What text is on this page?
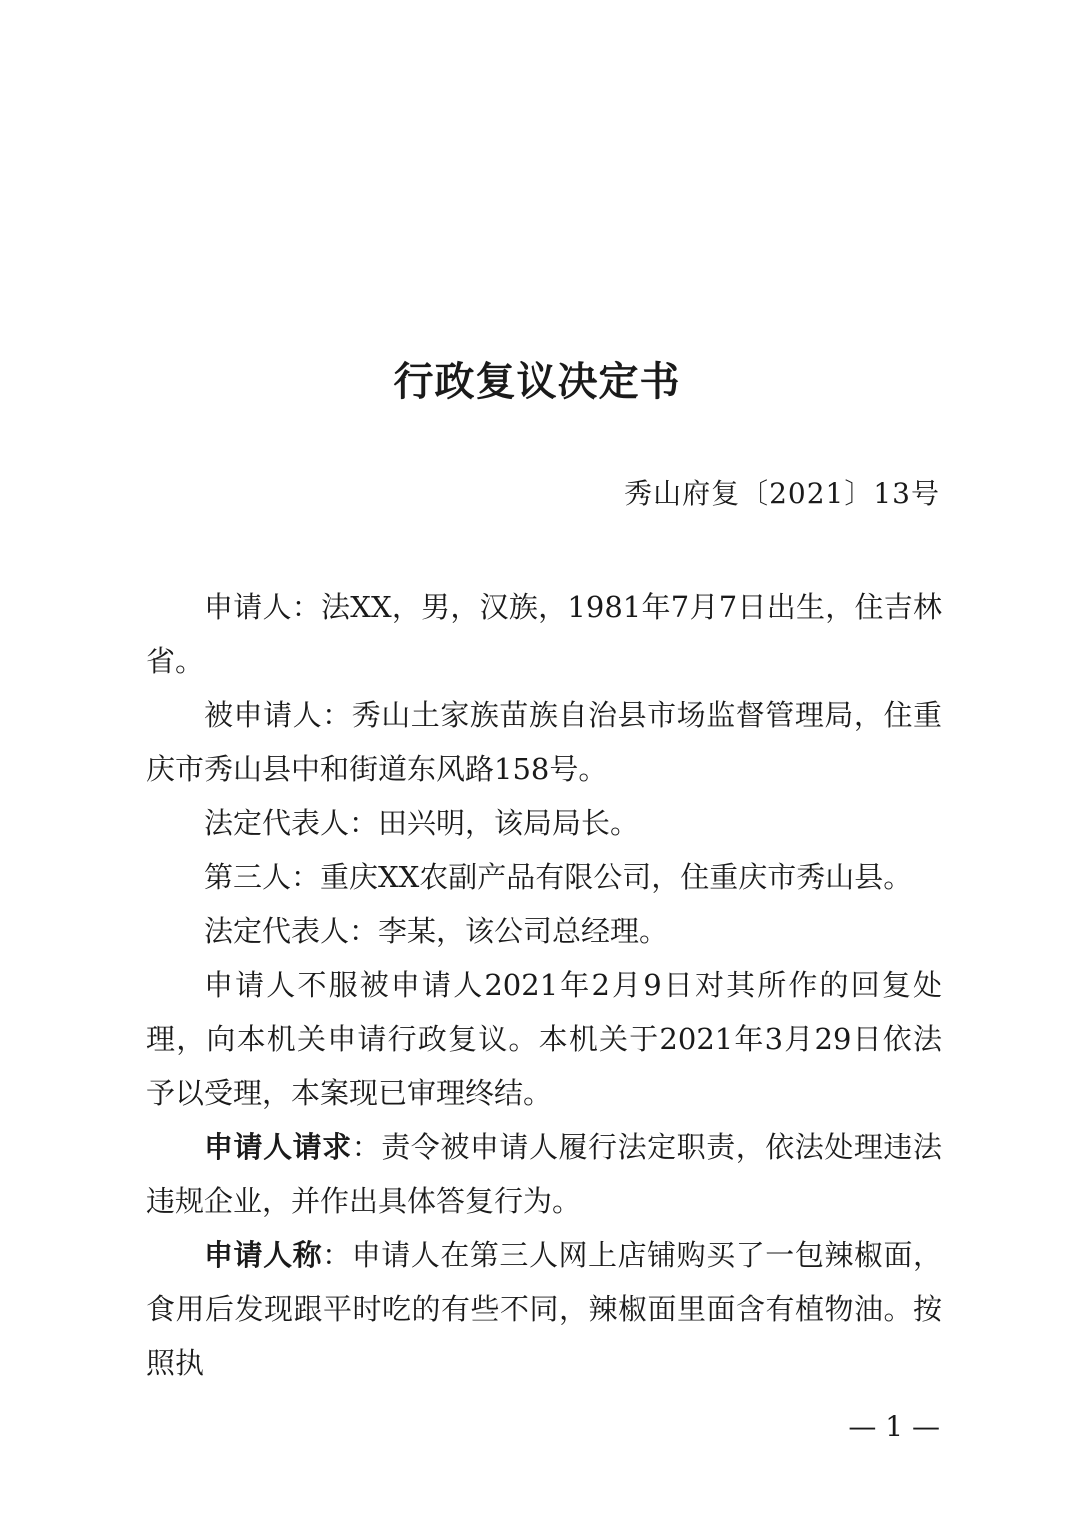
行政复议决定书
秀山府复〔2021〕13号

申请人：法XX，男，汉族，1981年7月7日出生，住吉林省。

被申请人：秀山土家族苗族自治县市场监督管理局，住重庆市秀山县中和街道东风路158号。

法定代表人：田兴明，该局局长。

第三人：重庆XX农副产品有限公司，住重庆市秀山县。

法定代表人：李某，该公司总经理。

申请人不服被申请人2021年2月9日对其所作的回复处理，向本机关申请行政复议。本机关于2021年3月29日依法予以受理，本案现已审理终结。

申请人请求：责令被申请人履行法定职责，依法处理违法违规企业，并作出具体答复行为。

申请人称：申请人在第三人网上店铺购买了一包辣椒面，食用后发现跟平时吃的有些不同，辣椒面里面含有植物油。按照执

— 1 —
